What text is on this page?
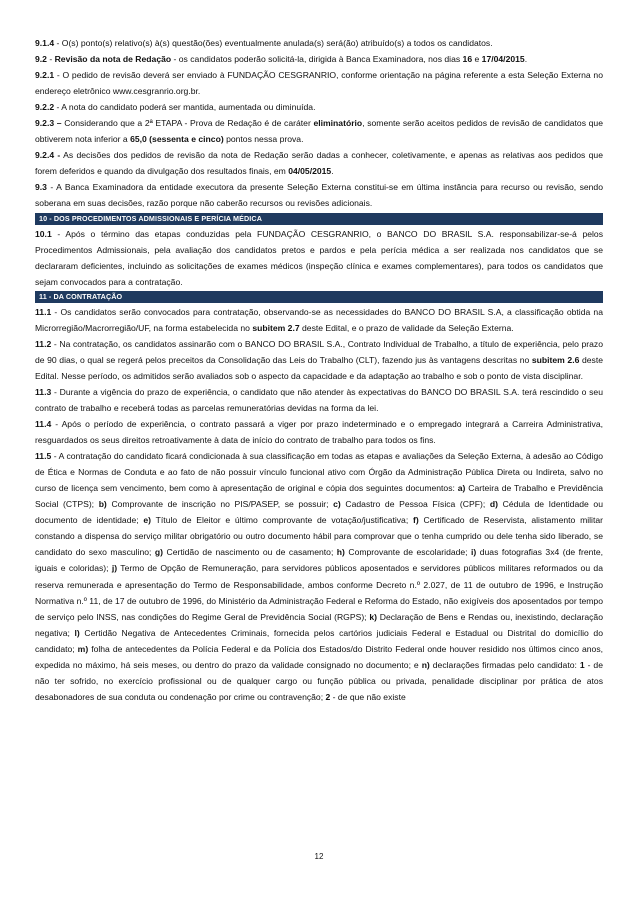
9.1.4 - O(s) ponto(s) relativo(s) à(s) questão(ões) eventualmente anulada(s) será(ão) atribuído(s) a todos os candidatos.

9.2 - Revisão da nota de Redação - os candidatos poderão solicitá-la, dirigida à Banca Examinadora, nos dias 16 e 17/04/2015.

9.2.1 - O pedido de revisão deverá ser enviado à FUNDAÇÃO CESGRANRIO, conforme orientação na página referente a esta Seleção Externa no endereço eletrônico www.cesgranrio.org.br.

9.2.2 - A nota do candidato poderá ser mantida, aumentada ou diminuída.

9.2.3 – Considerando que a 2ª ETAPA - Prova de Redação é de caráter eliminatório, somente serão aceitos pedidos de revisão de candidatos que obtiverem nota inferior a 65,0 (sessenta e cinco) pontos nessa prova.

9.2.4 - As decisões dos pedidos de revisão da nota de Redação serão dadas a conhecer, coletivamente, e apenas as relativas aos pedidos que forem deferidos e quando da divulgação dos resultados finais, em 04/05/2015.

9.3 - A Banca Examinadora da entidade executora da presente Seleção Externa constitui-se em última instância para recurso ou revisão, sendo soberana em suas decisões, razão porque não caberão recursos ou revisões adicionais.

10 - DOS PROCEDIMENTOS ADMISSIONAIS E PERÍCIA MÉDICA

10.1 - Após o término das etapas conduzidas pela FUNDAÇÃO CESGRANRIO, o BANCO DO BRASIL S.A. responsabilizar-se-á pelos Procedimentos Admissionais, pela avaliação dos candidatos pretos e pardos e pela perícia médica a ser realizada nos candidatos que se declararam deficientes, incluindo as solicitações de exames médicos (inspeção clínica e exames complementares), para todos os candidatos que sejam convocados para a contratação.

11 - DA CONTRATAÇÃO

11.1 - Os candidatos serão convocados para contratação, observando-se as necessidades do BANCO DO BRASIL S.A, a classificação obtida na Microrregião/Macrorregião/UF, na forma estabelecida no subitem 2.7 deste Edital, e o prazo de validade da Seleção Externa.

11.2 - Na contratação, os candidatos assinarão com o BANCO DO BRASIL S.A., Contrato Individual de Trabalho, a título de experiência, pelo prazo de 90 dias, o qual se regerá pelos preceitos da Consolidação das Leis do Trabalho (CLT), fazendo jus às vantagens descritas no subitem 2.6 deste Edital. Nesse período, os admitidos serão avaliados sob o aspecto da capacidade e da adaptação ao trabalho e sob o ponto de vista disciplinar.

11.3 - Durante a vigência do prazo de experiência, o candidato que não atender às expectativas do BANCO DO BRASIL S.A. terá rescindido o seu contrato de trabalho e receberá todas as parcelas remuneratórias devidas na forma da lei.

11.4 - Após o período de experiência, o contrato passará a viger por prazo indeterminado e o empregado integrará a Carreira Administrativa, resguardados os seus direitos retroativamente à data de início do contrato de trabalho para todos os fins.

11.5 - A contratação do candidato ficará condicionada à sua classificação em todas as etapas e avaliações da Seleção Externa, à adesão ao Código de Ética e Normas de Conduta e ao fato de não possuir vínculo funcional ativo com Órgão da Administração Pública Direta ou Indireta, salvo no curso de licença sem vencimento, bem como à apresentação de original e cópia dos seguintes documentos: a) Carteira de Trabalho e Previdência Social (CTPS); b) Comprovante de inscrição no PIS/PASEP, se possuir; c) Cadastro de Pessoa Física (CPF); d) Cédula de Identidade ou documento de identidade; e) Título de Eleitor e último comprovante de votação/justificativa; f) Certificado de Reservista, alistamento militar constando a dispensa do serviço militar obrigatório ou outro documento hábil para comprovar que o tenha cumprido ou dele tenha sido liberado, se candidato do sexo masculino; g) Certidão de nascimento ou de casamento; h) Comprovante de escolaridade; i) duas fotografias 3x4 (de frente, iguais e coloridas); j) Termo de Opção de Remuneração, para servidores públicos aposentados e servidores públicos militares reformados ou da reserva remunerada e apresentação do Termo de Responsabilidade, ambos conforme Decreto n.º 2.027, de 11 de outubro de 1996, e Instrução Normativa n.º 11, de 17 de outubro de 1996, do Ministério da Administração Federal e Reforma do Estado, não exigíveis dos aposentados por tempo de serviço pelo INSS, nas condições do Regime Geral de Previdência Social (RGPS); k) Declaração de Bens e Rendas ou, inexistindo, declaração negativa; l) Certidão Negativa de Antecedentes Criminais, fornecida pelos cartórios judiciais Federal e Estadual ou Distrital do domicílio do candidato; m) folha de antecedentes da Polícia Federal e da Polícia dos Estados/do Distrito Federal onde houver residido nos últimos cinco anos, expedida no máximo, há seis meses, ou dentro do prazo da validade consignado no documento; e n) declarações firmadas pelo candidato: 1 - de não ter sofrido, no exercício profissional ou de qualquer cargo ou função pública ou privada, penalidade disciplinar por prática de atos desabonadores de sua conduta ou condenação por crime ou contravenção; 2 - de que não existe

12
